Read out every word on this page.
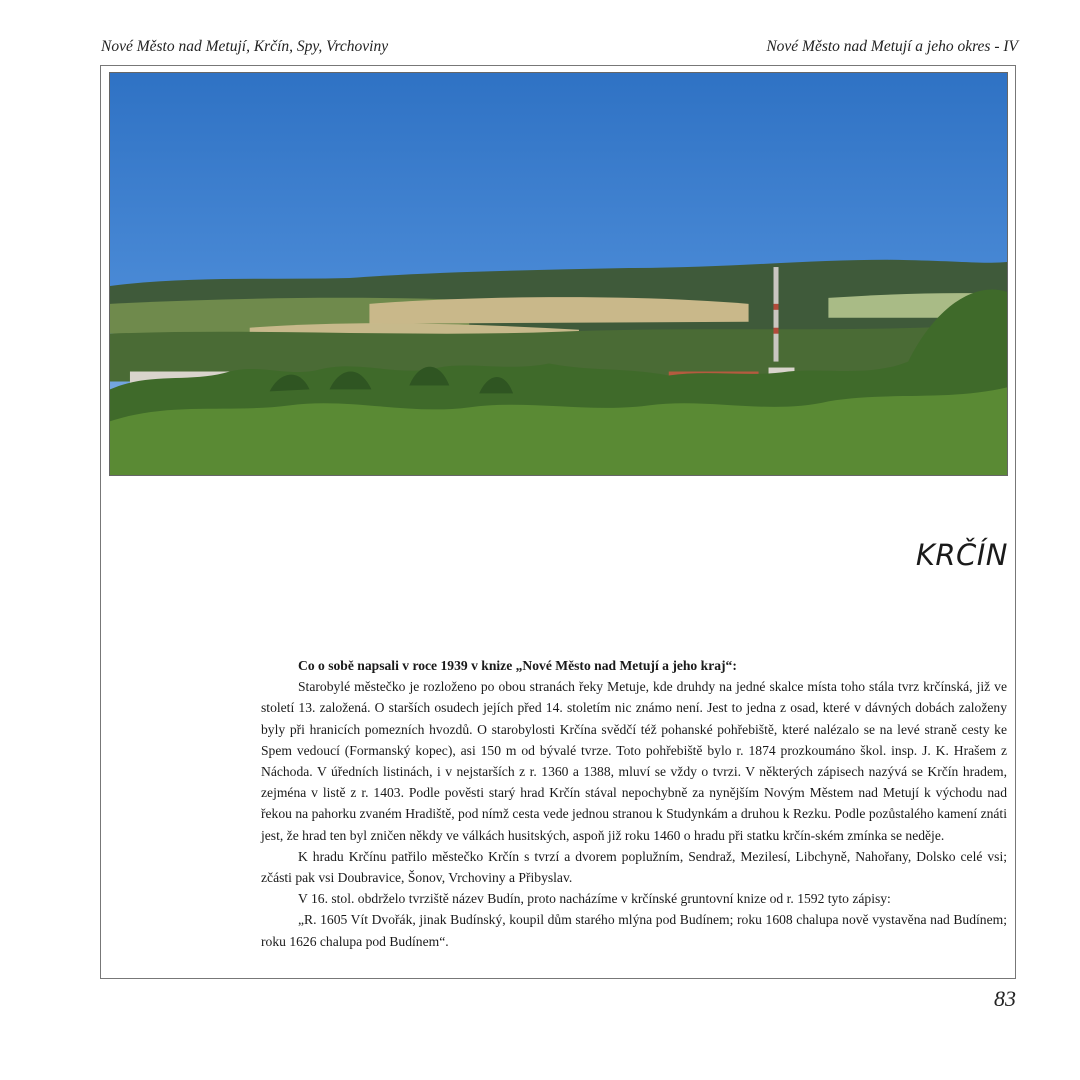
Nové Město nad Metují, Krčín, Spy, Vrchoviny	Nové Město nad Metují a jeho okres - IV
KRČÍN

Co o sobě napsali v roce 1939 v knize „Nové Město nad Metují a jeho kraj“:

Starobylé městečko je rozloženo po obou stranách řeky Metuje, kde druhdy na jedné skalce místa toho stála tvrz krčínská, již ve století 13. založená. O starších osudech jejích před 14. stoletím nic známo není. Jest to jedna z osad, které v dávných dobách založeny byly při hranicích pomezních hvozdů. O starobylosti Krčína svědčí též pohanské pohřebiště, které nalézalo se na levé straně cesty ke Spem vedoucí (Formanský kopec), asi 150 m od bývalé tvrze. Toto pohřebiště bylo r. 1874 prozkoumáno škol. insp. J. K. Hrašem z Náchoda. V úředních listinách, i v nejstarších z r. 1360 a 1388, mluví se vždy o tvrzi. V některých zápisech nazývá se Krčín hradem, zejména v listě z r. 1403. Podle pověsti starý hrad Krčín stával nepochybně za nynějším Novým Městem nad Metují k východu nad řekou na pahorku zvaném Hradiště, pod nímž cesta vede jednou stranou k Studynkám a druhou k Rezku. Podle pozůstalého kamení znáti jest, že hrad ten byl zničen někdy ve válkách husitských, aspoň již roku 1460 o hradu při statku krčín-ském zmínka se neděje.

K hradu Krčínu patřilo městečko Krčín s tvrzí a dvorem poplužním, Sendraž, Mezilesí, Libchyně, Nahořany, Dolsko celé vsi; zčásti pak vsi Doubravice, Šonov, Vrchoviny a Přibyslav.

V 16. stol. obdrželo tvrziště název Budín, proto nacházíme v krčínské gruntovní knize od r. 1592 tyto zápisy:

„R. 1605 Vít Dvořák, jinak Budínský, koupil dům starého mlýna pod Budínem; roku 1608 chalupa nově vystavěna nad Budínem; roku 1626 chalupa pod Budínem“.

83
